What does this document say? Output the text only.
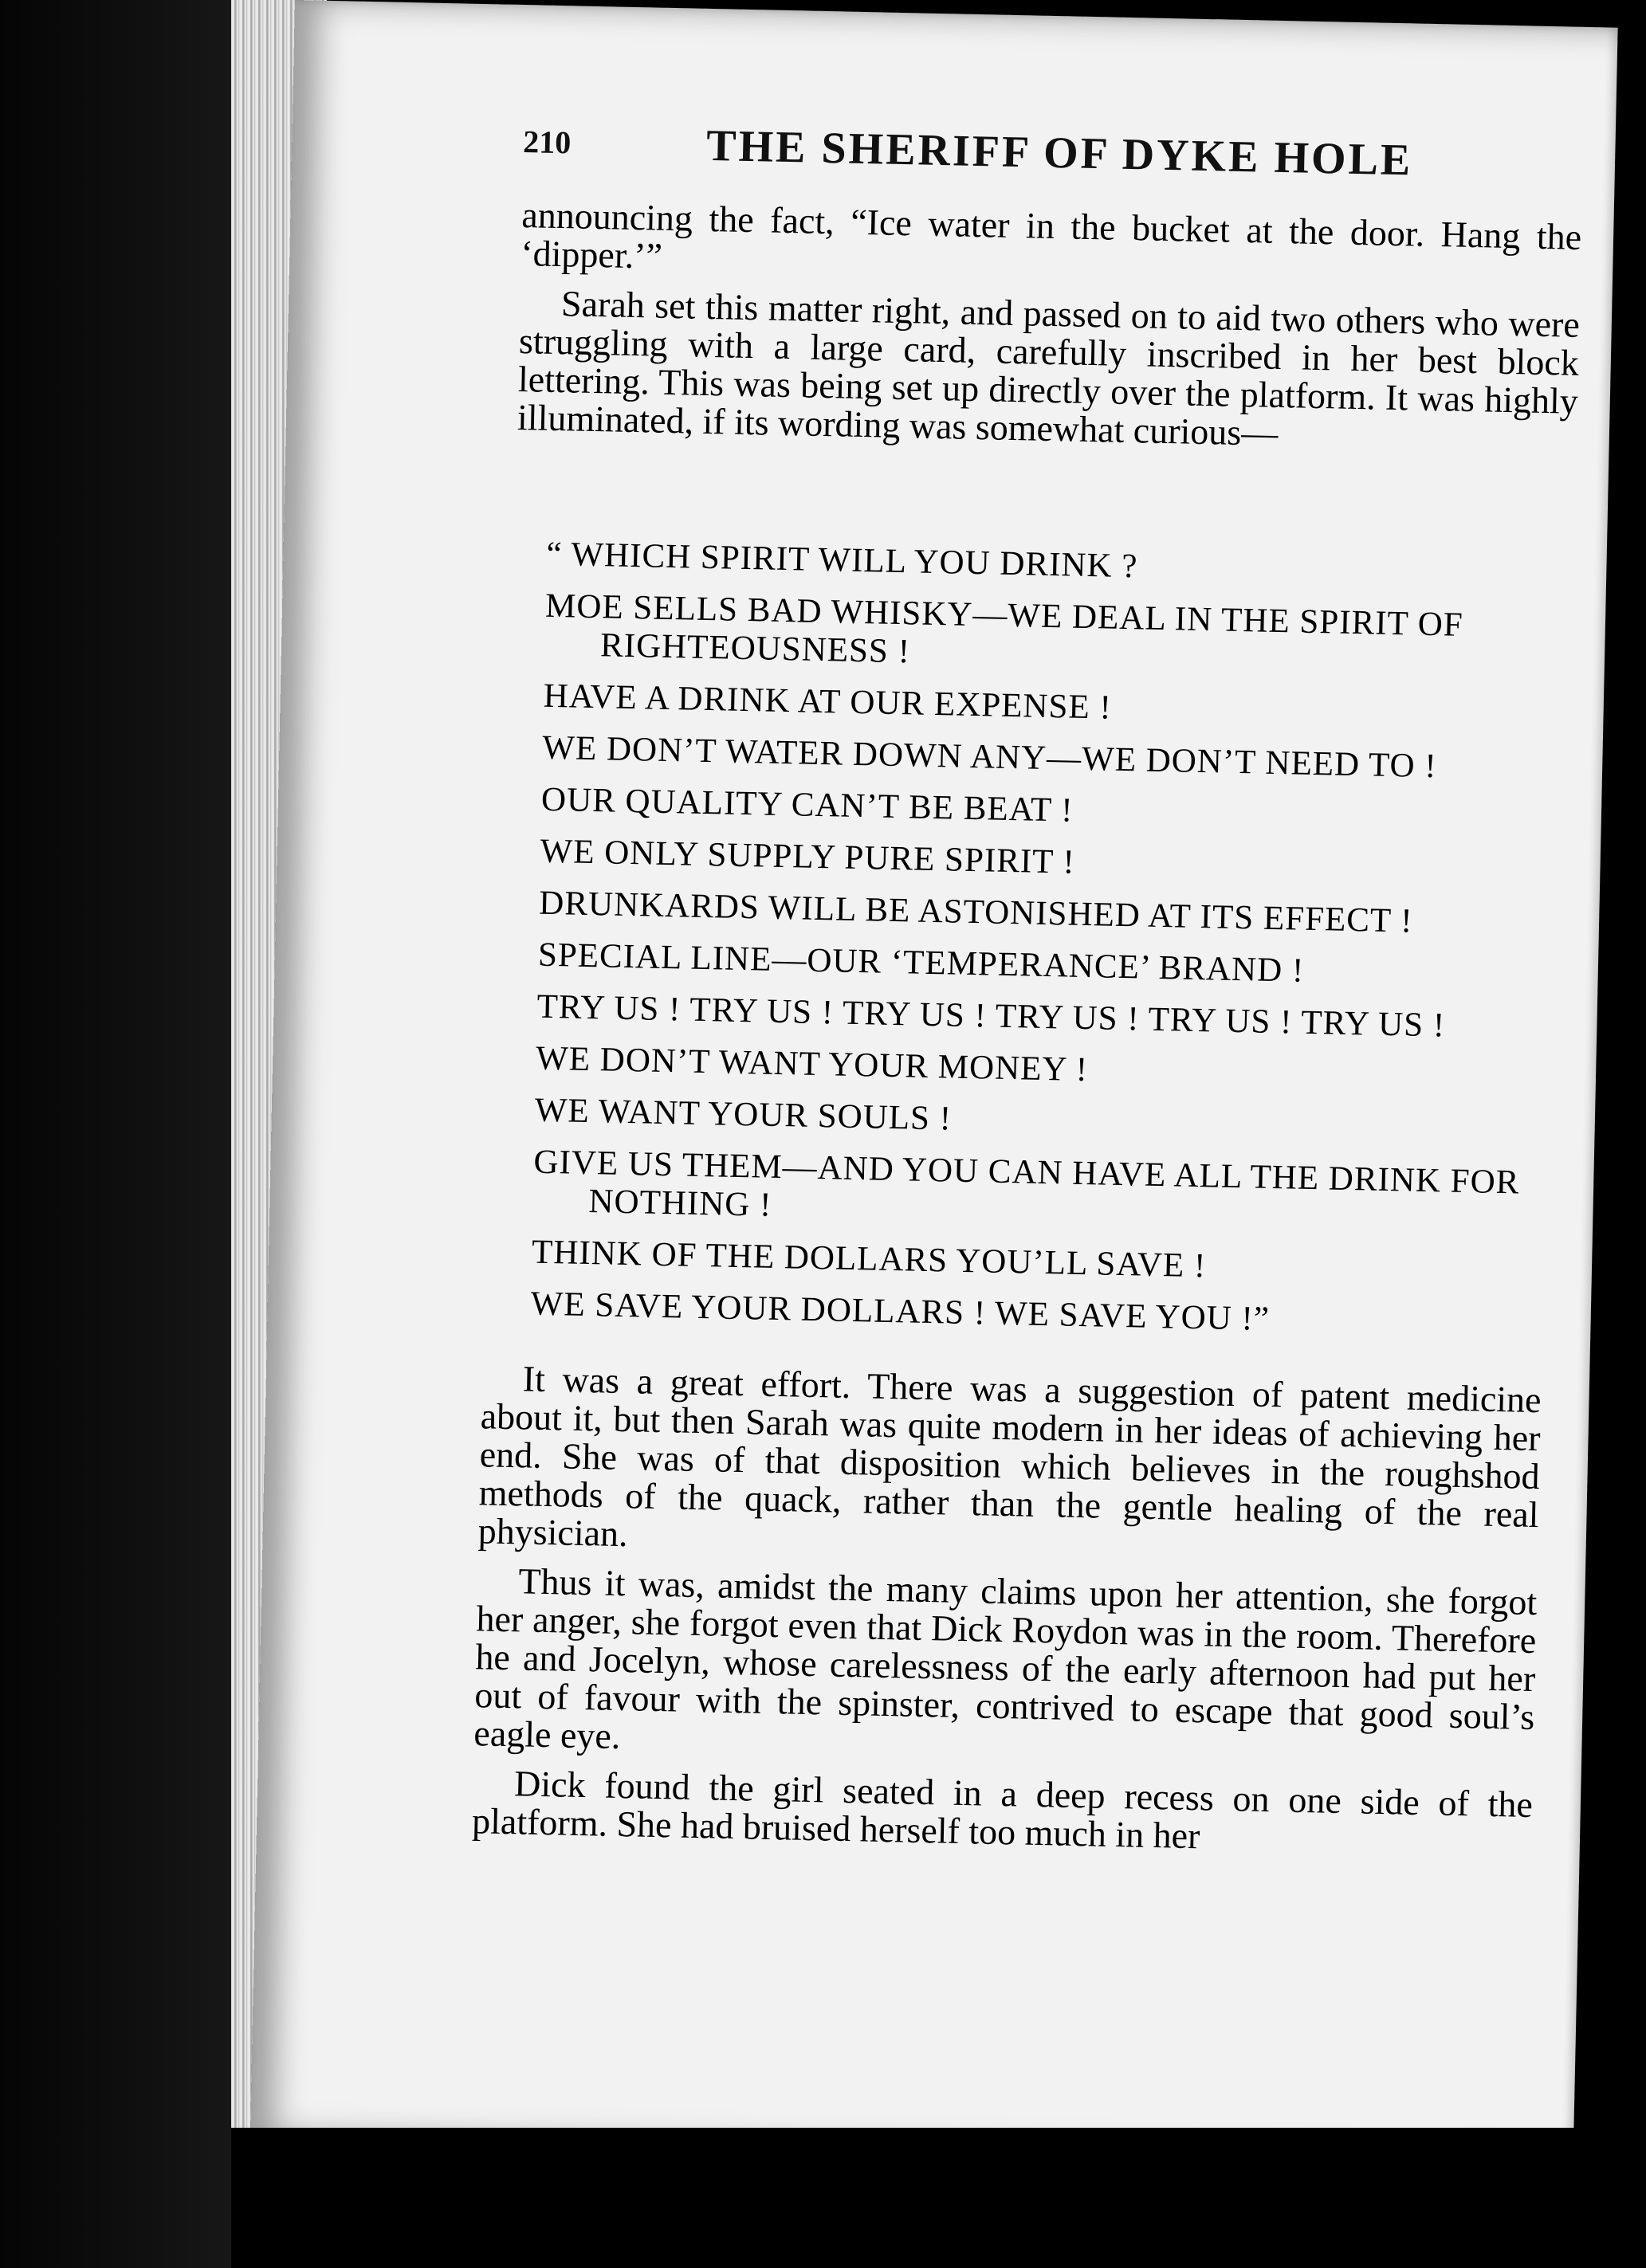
210	THE SHERIFF OF DYKE HOLE

announcing the fact, “Ice water in the bucket at the door. Hang the ‘dipper.’”

Sarah set this matter right, and passed on to aid two others who were struggling with a large card, carefully inscribed in her best block lettering. This was being set up directly over the platform. It was highly illuminated, if its wording was somewhat curious—

“ WHICH SPIRIT WILL YOU DRINK ?

MOE SELLS BAD WHISKY—WE DEAL IN THE SPIRIT OF RIGHTEOUSNESS !

HAVE A DRINK AT OUR EXPENSE !

WE DON’T WATER DOWN ANY—WE DON’T NEED TO !

OUR QUALITY CAN’T BE BEAT !

WE ONLY SUPPLY PURE SPIRIT !

DRUNKARDS WILL BE ASTONISHED AT ITS EFFECT !

SPECIAL LINE—OUR ‘TEMPERANCE’ BRAND !

TRY US ! TRY US ! TRY US ! TRY US ! TRY US ! TRY US !

WE DON’T WANT YOUR MONEY !

WE WANT YOUR SOULS !

GIVE US THEM—AND YOU CAN HAVE ALL THE DRINK FOR NOTHING !

THINK OF THE DOLLARS YOU’LL SAVE !

WE SAVE YOUR DOLLARS ! WE SAVE YOU !”

It was a great effort. There was a suggestion of patent medicine about it, but then Sarah was quite modern in her ideas of achieving her end. She was of that disposition which believes in the roughshod methods of the quack, rather than the gentle healing of the real physician.

Thus it was, amidst the many claims upon her attention, she forgot her anger, she forgot even that Dick Roydon was in the room. Therefore he and Jocelyn, whose carelessness of the early afternoon had put her out of favour with the spinster, contrived to escape that good soul’s eagle eye.

Dick found the girl seated in a deep recess on one side of the platform. She had bruised herself too much in her
